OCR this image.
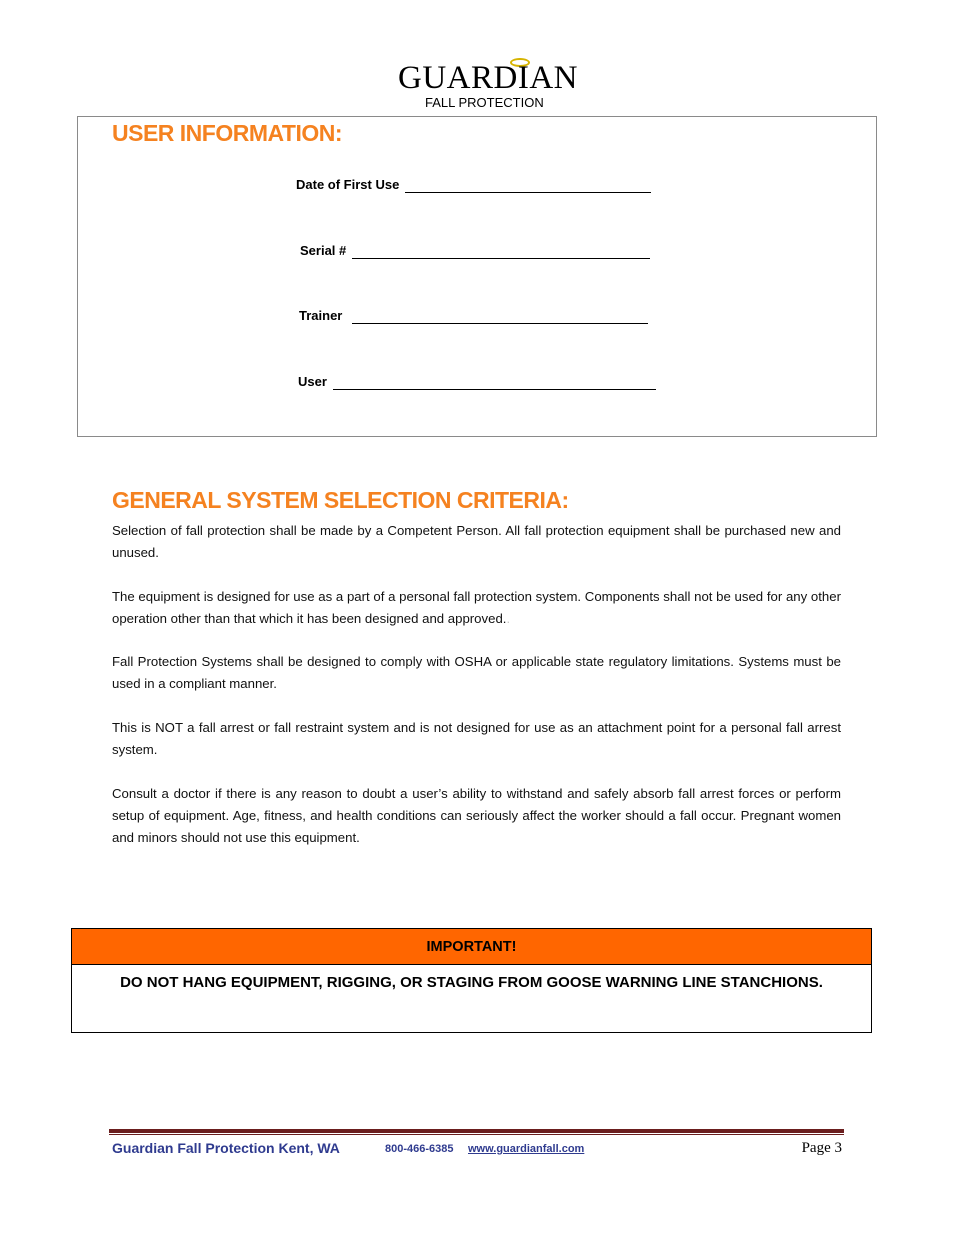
GUARDIAN
FALL PROTECTION
USER INFORMATION:
Date of First Use
Serial #
Trainer
User
GENERAL SYSTEM SELECTION CRITERIA:

Selection of fall protection shall be made by a Competent Person. All fall protection equipment shall be purchased new and unused.

The equipment is designed for use as a part of a personal fall protection system. Components shall not be used for any other operation other than that which it has been designed and approved..

Fall Protection Systems shall be designed to comply with OSHA or applicable state regulatory limitations. Systems must be used in a compliant manner.

This is NOT a fall arrest or fall restraint system and is not designed for use as an attachment point for a personal fall arrest system.

Consult a doctor if there is any reason to doubt a user’s ability to withstand and safely absorb fall arrest forces or perform setup of equipment. Age, fitness, and health conditions can seriously affect the worker should a fall occur. Pregnant women and minors should not use this equipment.

IMPORTANT!
DO NOT HANG EQUIPMENT, RIGGING, OR STAGING FROM GOOSE WARNING LINE STANCHIONS.
Guardian Fall Protection Kent, WA	800-466-6385 www.guardianfall.com	Page 3
